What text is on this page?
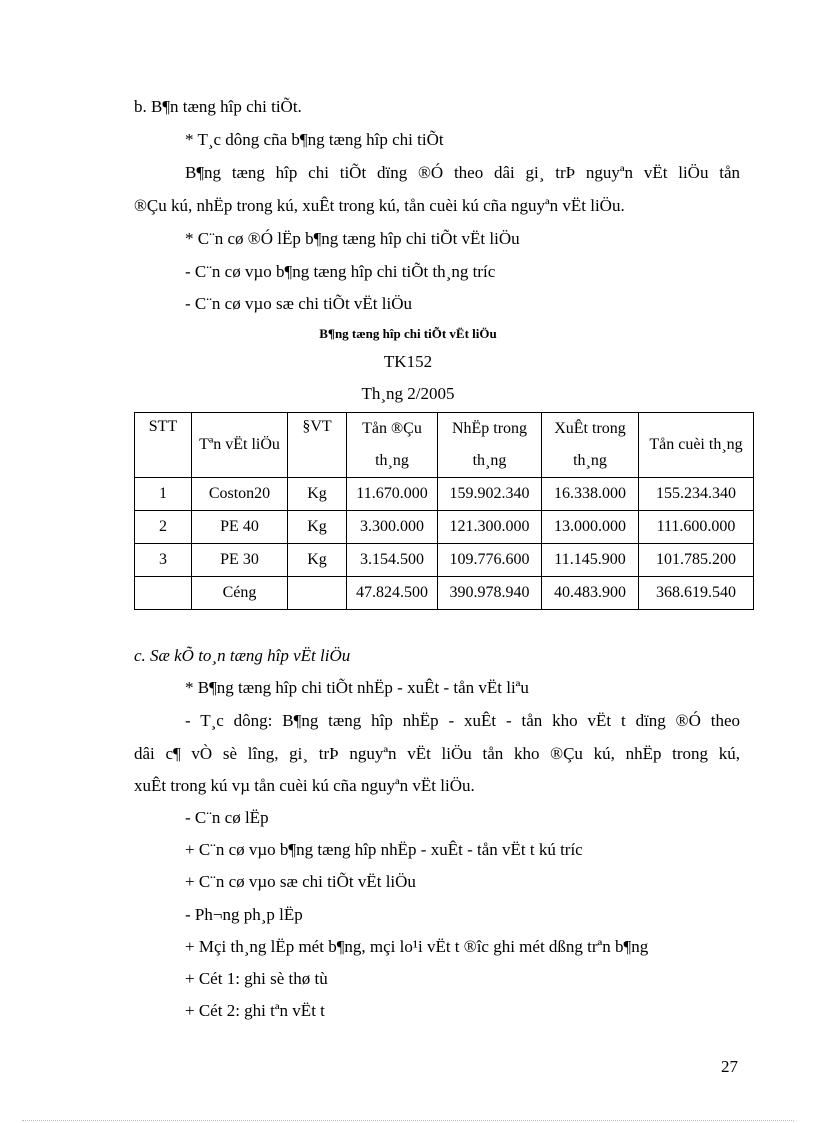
b. B¶n tæng hîp chi tiÕt.
* T¸c dông cña b¶ng tæng hîp chi tiÕt
B¶ng tæng hîp chi tiÕt dïng ®Ó theo dâi gi¸ trÞ nguyªn vËt liÖu tån
®Çu kú, nhËp trong kú, xuÊt trong kú, tån cuèi kú cña nguyªn vËt liÖu.
* C¨n cø ®Ó lËp b¶ng tæng hîp chi tiÕt vËt liÖu
- C¨n cø vµo b¶ng tæng hîp chi tiÕt th¸ng tríc
- C¨n cø vµo sæ chi tiÕt vËt liÖu
B¶ng tæng hîp chi tiÕt vËt liÖu
TK152
Th¸ng 2/2005
STT	Tªn vËt liÖu	§VT	Tån ®Çu th¸ng	NhËp trong th¸ng	XuÊt trong th¸ng	Tån cuèi th¸ng
1	Coston20	Kg	11.670.000	159.902.340	16.338.000	155.234.340
2	PE 40	Kg	3.300.000	121.300.000	13.000.000	111.600.000
3	PE 30	Kg	3.154.500	109.776.600	11.145.900	101.785.200
	Céng		47.824.500	390.978.940	40.483.900	368.619.540
c. Sæ kÕ to¸n tæng hîp vËt liÖu
* B¶ng tæng hîp chi tiÕt nhËp - xuÊt - tån vËt liªu
- T¸c dông: B¶ng tæng hîp nhËp - xuÊt - tån kho vËt t dïng ®Ó theo
dâi c¶ vÒ sè lîng, gi¸ trÞ nguyªn vËt liÖu tån kho ®Çu kú, nhËp trong kú,
xuÊt trong kú vµ tån cuèi kú cña nguyªn vËt liÖu.
- C¨n cø lËp
+ C¨n cø vµo b¶ng tæng hîp nhËp - xuÊt - tån vËt t kú tríc
+ C¨n cø vµo sæ chi tiÕt vËt liÖu
- Ph¬ng ph¸p lËp
+ Mçi th¸ng lËp mét b¶ng, mçi lo¹i vËt t ®îc ghi mét dßng trªn b¶ng
+ Cét 1: ghi sè thø tù
+ Cét 2: ghi tªn vËt t
27
